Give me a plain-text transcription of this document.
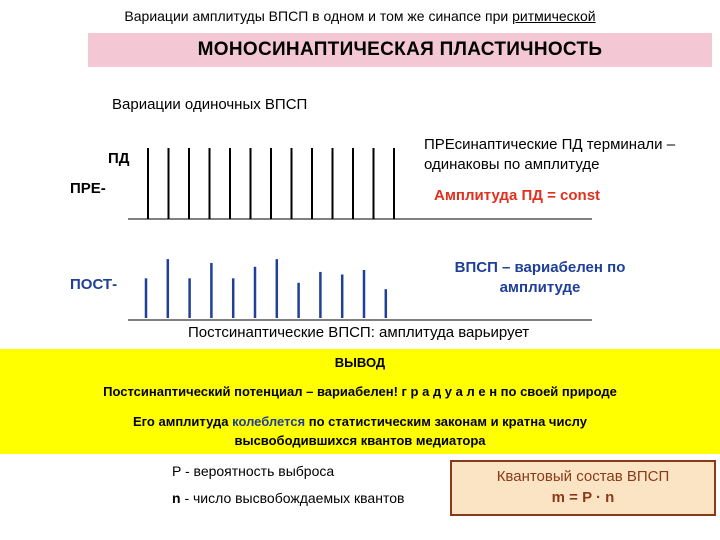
Вариации амплитуды ВПСП в одном и том же синапсе при ритмической
МОНОСИНАПТИЧЕСКАЯ ПЛАСТИЧНОСТЬ
Вариации одиночных ВПСП
ПД
ПРЕ-
ПОСТ-
ПРЕсинаптические ПД терминали – одинаковы по амплитуде
Амплитуда ПД = const
ВПСП – вариабелен по амплитуде
Постсинаптические ВПСП: амплитуда варьирует
ВЫВОД
Постсинаптический потенциал – вариабелен! г р а д у а л е н по своей природе
Его амплитуда колеблется по статистическим законам и кратна числу
высвободившихся квантов медиатора
P - вероятность выброса
n - число высвобождаемых квантов
Квантовый состав ВПСП
m = P · n
